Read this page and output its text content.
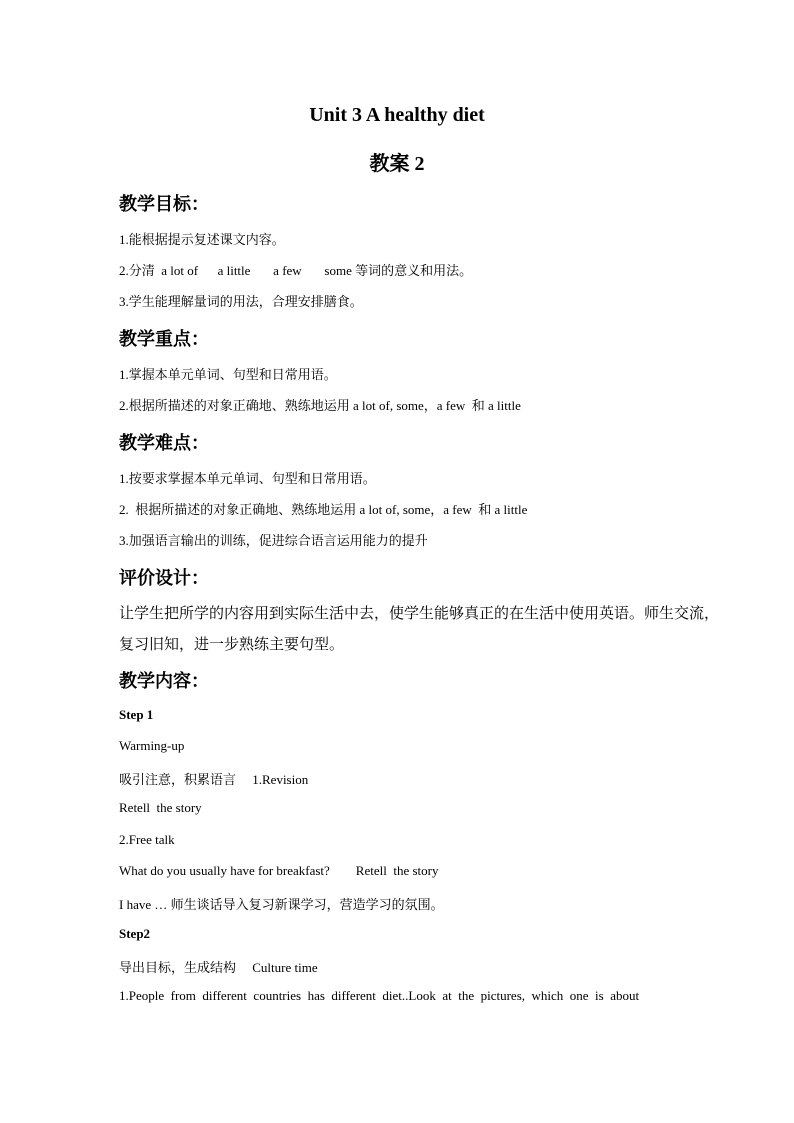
Unit 3 A healthy diet
教案 2
教学目标：
1.能根据提示复述课文内容。
2.分清  a lot of      a little       a few       some 等词的意义和用法。
3.学生能理解量词的用法，合理安排膳食。
教学重点：
1.掌握本单元单词、句型和日常用语。
2.根据所描述的对象正确地、熟练地运用 a lot of, some，a few  和 a little
教学难点：
1.按要求掌握本单元单词、句型和日常用语。
2.  根据所描述的对象正确地、熟练地运用 a lot of, some，a few  和 a little
3.加强语言输出的训练，促进综合语言运用能力的提升
评价设计：
让学生把所学的内容用到实际生活中去，使学生能够真正的在生活中使用英语。师生交流，
复习旧知，进一步熟练主要句型。
教学内容：
Step 1
Warming-up
吸引注意，积累语言     1.Revision
Retell  the story
2.Free talk
What do you usually have for breakfast?        Retell  the story
I have … 师生谈话导入复习新课学习，营造学习的氛围。
Step2
导出目标，生成结构     Culture time
1.People  from  different  countries  has  different  diet..Look  at  the  pictures,  which  one  is  about
